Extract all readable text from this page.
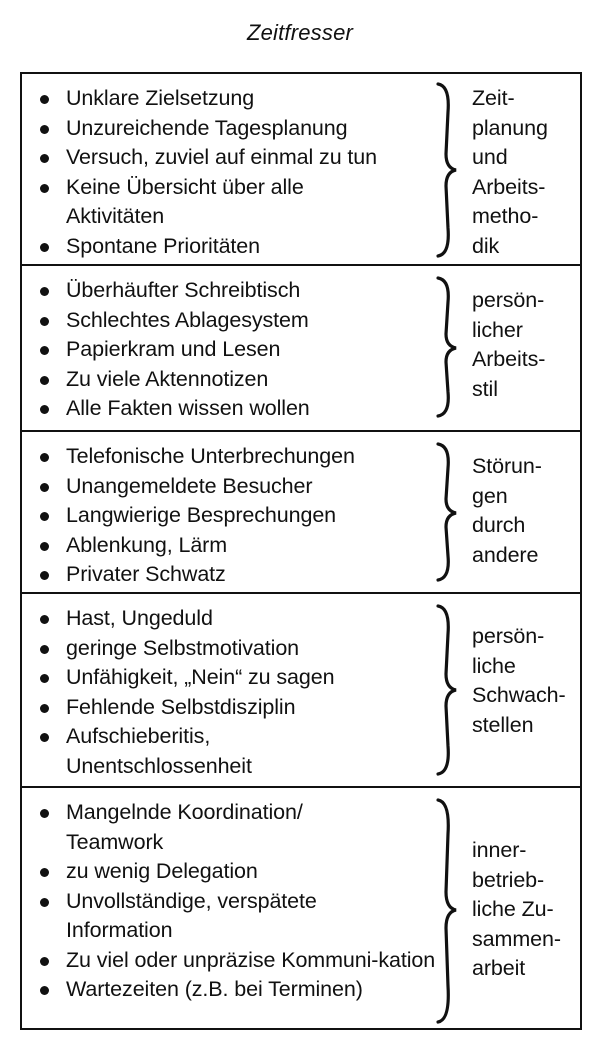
Zeitfresser
Unklare Zielsetzung
Unzureichende Tagesplanung
Versuch, zuviel auf einmal zu tun
Keine Übersicht über alle Aktivitäten
Spontane Prioritäten
Zeit-
planung
und
Arbeits-
metho-
dik
Überhäufter Schreibtisch
Schlechtes Ablagesystem
Papierkram und Lesen
Zu viele Aktennotizen
Alle Fakten wissen wollen
persön-
licher
Arbeits-
stil
Telefonische Unterbrechungen
Unangemeldete Besucher
Langwierige Besprechungen
Ablenkung, Lärm
Privater Schwatz
Störun-
gen
durch
andere
Hast, Ungeduld
geringe Selbstmotivation
Unfähigkeit, „Nein“ zu sagen
Fehlende Selbstdisziplin
Aufschieberitis, Unentschlossenheit
persön-
liche
Schwach-
stellen
Mangelnde Koordination/ Teamwork
zu wenig Delegation
Unvollständige, verspätete Information
Zu viel oder unpräzise Kommuni-kation
Wartezeiten (z.B. bei Terminen)
inner-
betrieb-
liche Zu-
sammen-
arbeit
